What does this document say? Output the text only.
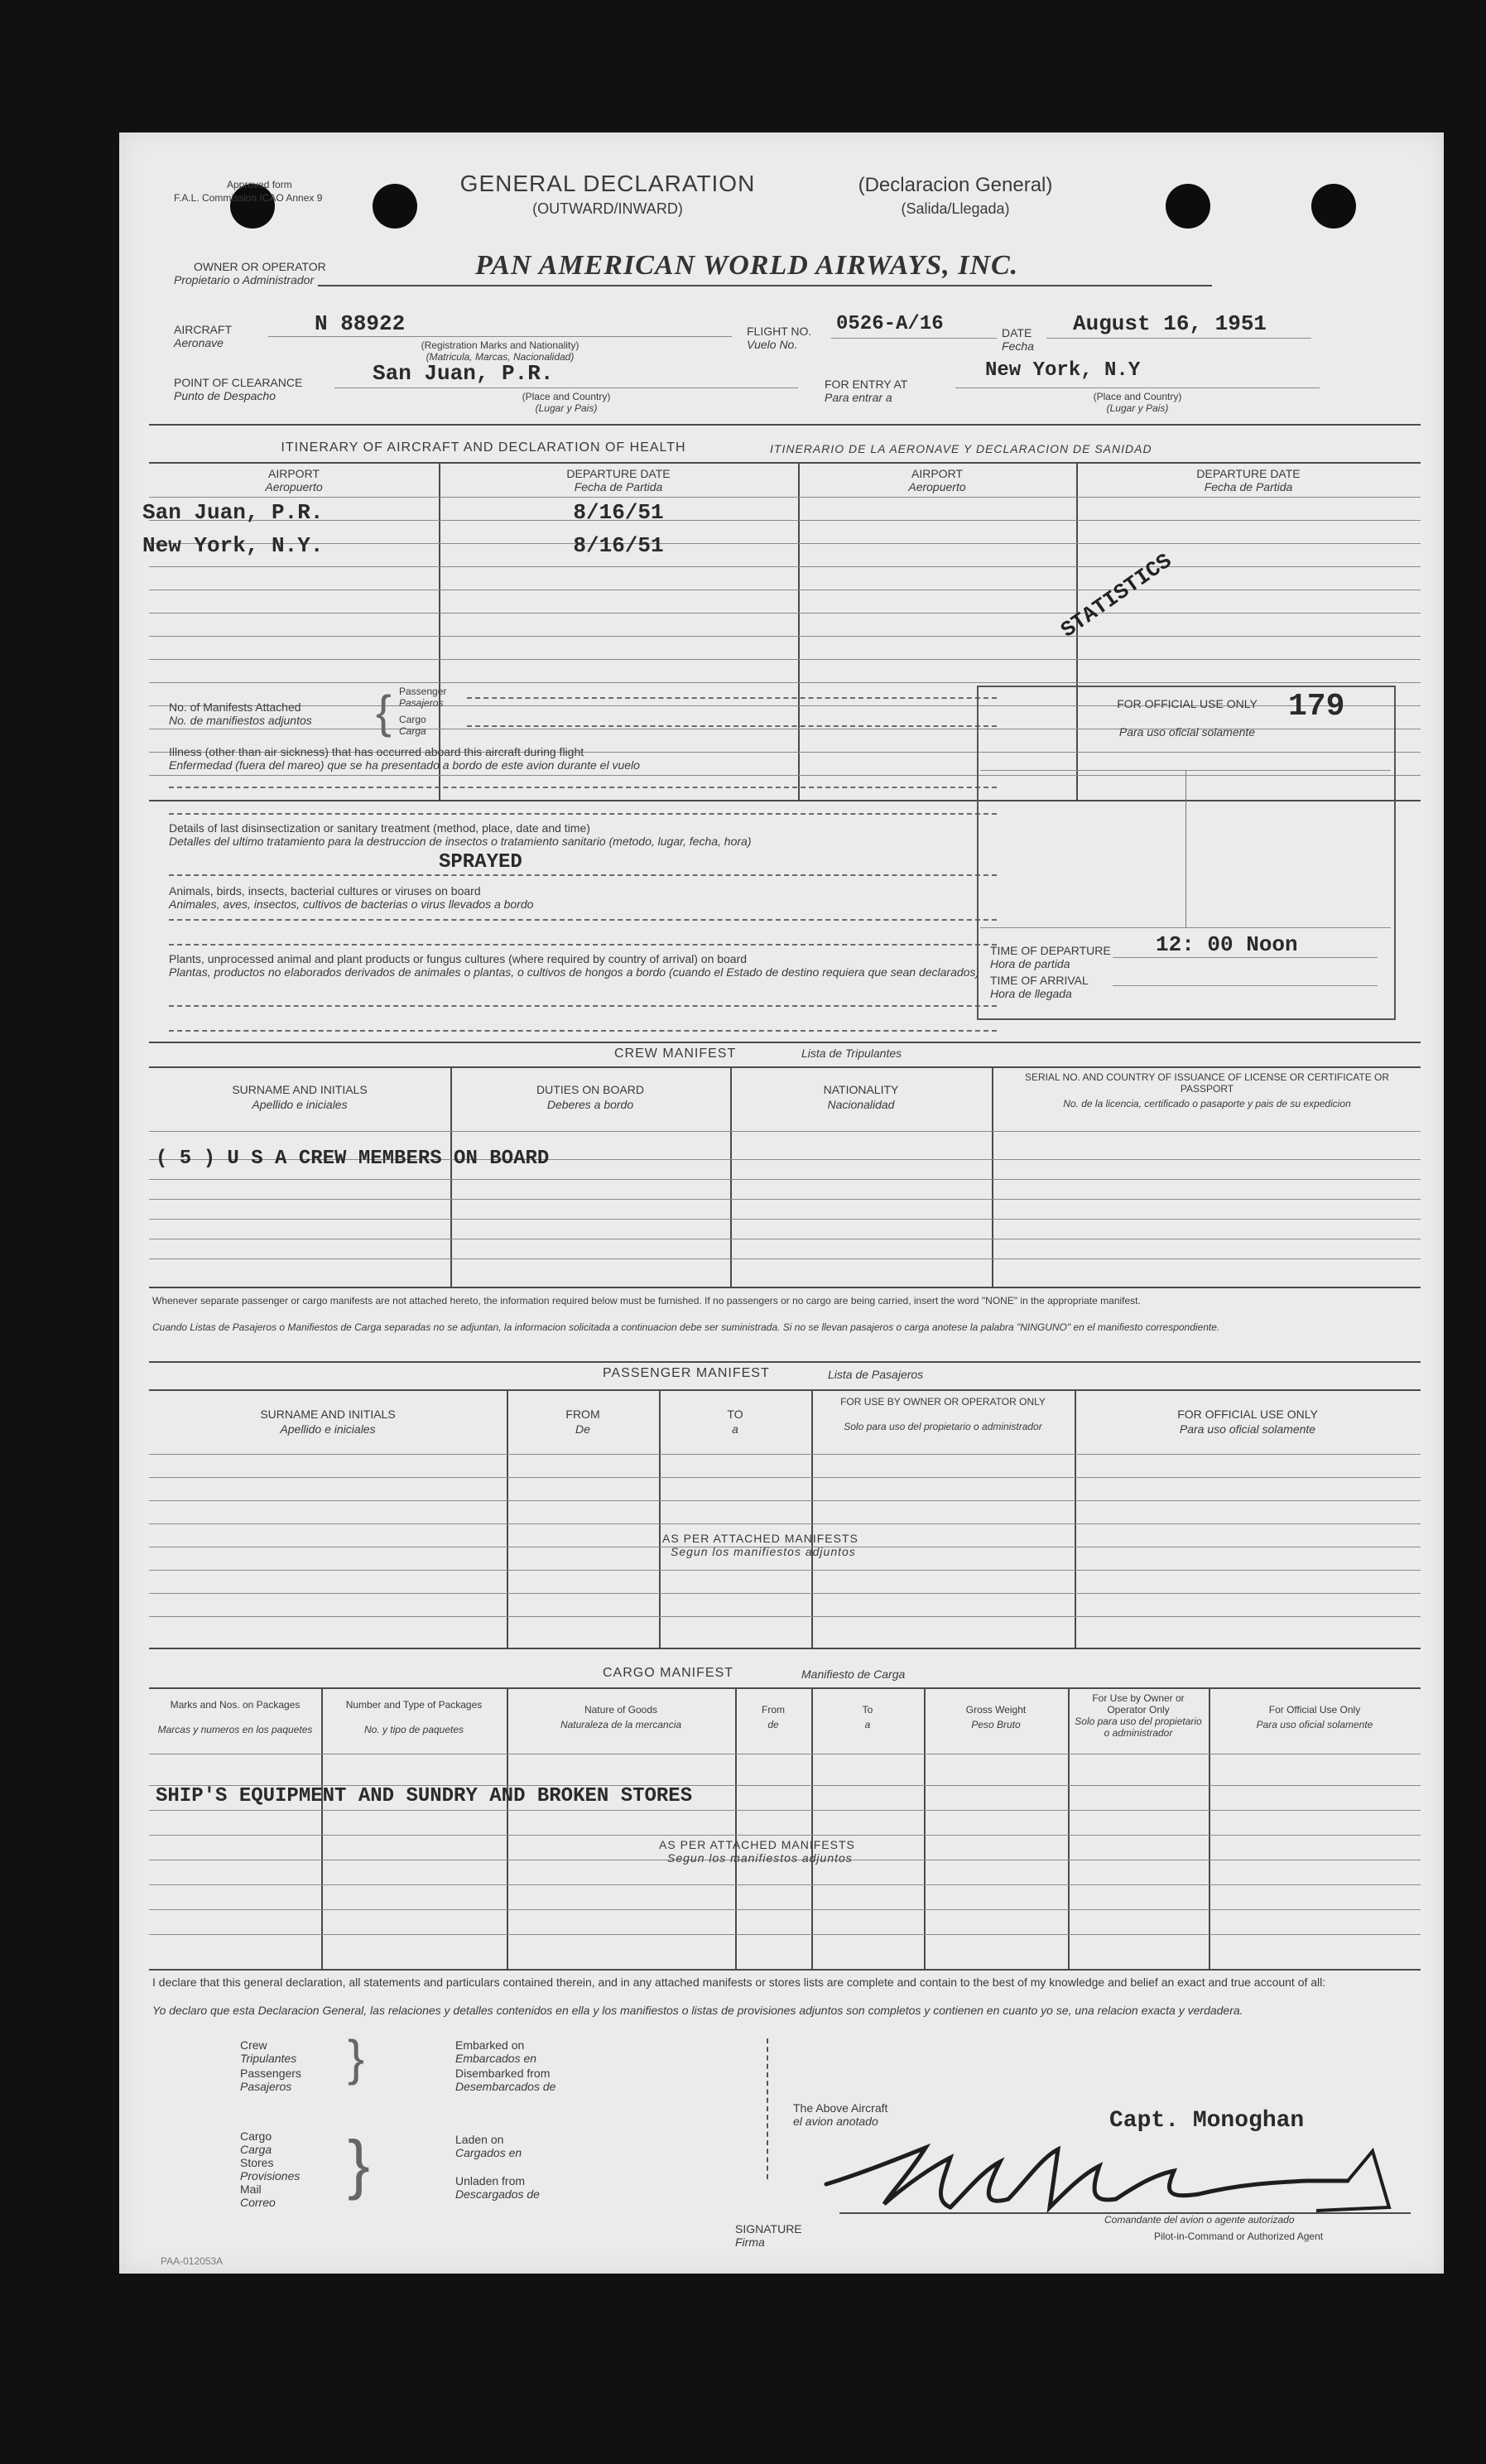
Approved form
F.A.L. Commission ICAO Annex 9
GENERAL DECLARATION
(OUTWARD/INWARD)
(Declaracion General)
(Salida/Llegada)
OWNER OR OPERATOR
Propietario o Administrador	PAN AMERICAN WORLD AIRWAYS, INC.
AIRCRAFT
Aeronave
N 88922
(Registration Marks and Nationality)
(Matricula, Marcas, Nacionalidad)
FLIGHT NO.
Vuelo No.
0526-A/16	DATE
Fecha
August 16, 1951
POINT OF CLEARANCE
Punto de Despacho
San Juan, P.R.
(Place and Country)
(Lugar y Pais)
FOR ENTRY AT
Para entrar a
New York, N.Y
(Place and Country)
(Lugar y Pais)
ITINERARY OF AIRCRAFT AND DECLARATION OF HEALTH	ITINERARIO DE LA AERONAVE Y DECLARACION DE SANIDAD
AIRPORT
Aeropuerto
DEPARTURE DATE
Fecha de Partida
AIRPORT
Aeropuerto
DEPARTURE DATE
Fecha de Partida
San Juan, P.R.	8/16/51
New York, N.Y.	8/16/51
STATISTICS
No. of Manifests Attached
No. de manifiestos adjuntos { Passenger
Pasajeros
Cargo
Carga
Illness (other than air sickness) that has occurred aboard this aircraft during flight
Enfermedad (fuera del mareo) que se ha presentado a bordo de este avion durante el vuelo
Details of last disinsectization or sanitary treatment (method, place, date and time)
Detalles del ultimo tratamiento para la destruccion de insectos o tratamiento sanitario (metodo, lugar, fecha, hora)
SPRAYED
Animals, birds, insects, bacterial cultures or viruses on board
Animales, aves, insectos, cultivos de bacterias o virus llevados a bordo
Plants, unprocessed animal and plant products or fungus cultures (where required by country of arrival) on board
Plantas, productos no elaborados derivados de animales o plantas, o cultivos de hongos a bordo (cuando el Estado de destino requiera que sean declarados)
FOR OFFICIAL USE ONLY
Para uso oficial solamente
179
TIME OF DEPARTURE
Hora de partida
12: 00 Noon
TIME OF ARRIVAL
Hora de llegada
CREW MANIFEST	Lista de Tripulantes
SURNAME AND INITIALS
Apellido e iniciales
DUTIES ON BOARD
Deberes a bordo
NATIONALITY
Nacionalidad
SERIAL NO. AND COUNTRY OF ISSUANCE OF LICENSE OR CERTIFICATE OR PASSPORT
No. de la licencia, certificado o pasaporte y pais de su expedicion
( 5 ) U S A CREW MEMBERS ON BOARD
Whenever separate passenger or cargo manifests are not attached hereto, the information required below must be furnished. If no passengers or no cargo are being carried, insert the word "NONE" in the appropriate manifest.
Cuando Listas de Pasajeros o Manifiestos de Carga separadas no se adjuntan, la informacion solicitada a continuacion debe ser suministrada. Si no se llevan pasajeros o carga anotese la palabra "NINGUNO" en el manifiesto correspondiente.
PASSENGER MANIFEST	Lista de Pasajeros
SURNAME AND INITIALS
Apellido e iniciales
FROM
De
TO
a
FOR USE BY OWNER OR OPERATOR ONLY
Solo para uso del propietario o administrador
FOR OFFICIAL USE ONLY
Para uso oficial solamente
AS PER ATTACHED MANIFESTS
Segun los manifiestos adjuntos
CARGO MANIFEST	Manifiesto de Carga
Marks and Nos. on Packages
Marcas y numeros en los paquetes
Number and Type of Packages
No. y tipo de paquetes
Nature of Goods
Naturaleza de la mercancia
From
de
To
a
Gross Weight
Peso Bruto
For Use by Owner or Operator Only
Solo para uso del propietario o administrador
For Official Use Only
Para uso oficial solamente
SHIP'S EQUIPMENT AND SUNDRY AND BROKEN STORES
AS PER ATTACHED MANIFESTS
Segun los manifiestos adjuntos
I declare that this general declaration, all statements and particulars contained therein, and in any attached manifests or stores lists are complete and contain to the best of my knowledge and belief an exact and true account of all:
Yo declaro que esta Declaracion General, las relaciones y detalles contenidos en ella y los manifiestos o listas de provisiones adjuntos son completos y contienen en cuanto yo se, una relacion exacta y verdadera.
Crew
Tripulantes
Passengers
Pasajeros
}	Embarked on
Embarcados en
Disembarked from
Desembarcados de
Cargo
Carga
Stores
Provisiones
Mail
Correo
}	Laden on
Cargados en
Unladen from
Descargados de
The Above Aircraft
el avion anotado	Capt. Monoghan
SIGNATURE
Firma
Comandante del avion o agente autorizado
Pilot-in-Command or Authorized Agent
PAA-012053A
